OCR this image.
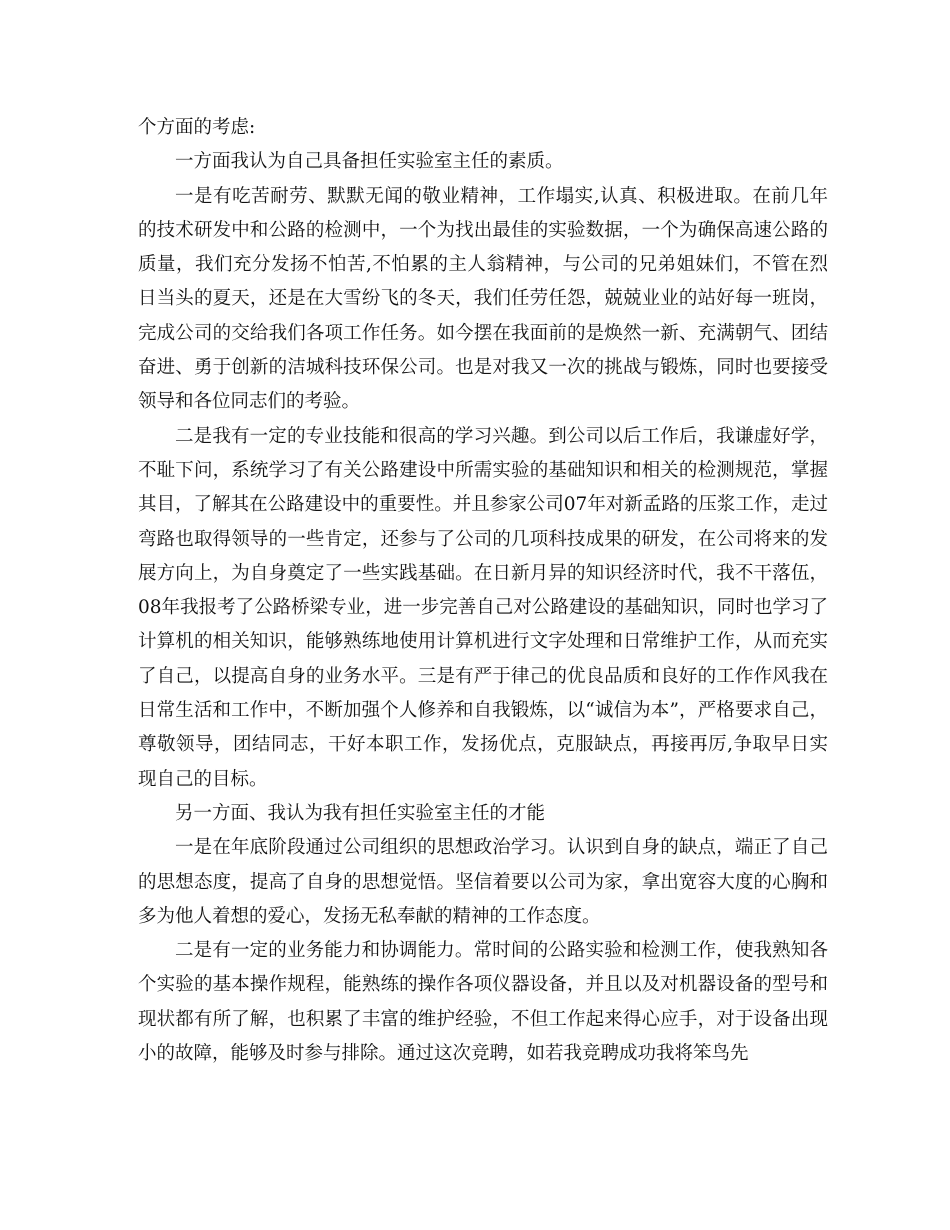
个方面的考虑:

一方面我认为自己具备担任实验室主任的素质。

一是有吃苦耐劳、默默无闻的敬业精神，工作塌实,认真、积极进取。在前几年的技术研发中和公路的检测中，一个为找出最佳的实验数据，一个为确保高速公路的质量，我们充分发扬不怕苦,不怕累的主人翁精神，与公司的兄弟姐妹们，不管在烈日当头的夏天，还是在大雪纷飞的冬天，我们任劳任怨，兢兢业业的站好每一班岗，完成公司的交给我们各项工作任务。如今摆在我面前的是焕然一新、充满朝气、团结奋进、勇于创新的洁城科技环保公司。也是对我又一次的挑战与锻炼，同时也要接受领导和各位同志们的考验。

二是我有一定的专业技能和很高的学习兴趣。到公司以后工作后，我谦虚好学，不耻下问，系统学习了有关公路建设中所需实验的基础知识和相关的检测规范，掌握其目，了解其在公路建设中的重要性。并且参家公司07年对新孟路的压浆工作，走过弯路也取得领导的一些肯定，还参与了公司的几项科技成果的研发，在公司将来的发展方向上，为自身奠定了一些实践基础。在日新月异的知识经济时代，我不干落伍，08年我报考了公路桥梁专业，进一步完善自己对公路建设的基础知识，同时也学习了计算机的相关知识，能够熟练地使用计算机进行文字处理和日常维护工作，从而充实了自己，以提高自身的业务水平。三是有严于律己的优良品质和良好的工作作风我在日常生活和工作中，不断加强个人修养和自我锻炼，以“诚信为本”，严格要求自己，尊敬领导，团结同志，干好本职工作，发扬优点，克服缺点，再接再厉,争取早日实现自己的目标。

另一方面、我认为我有担任实验室主任的才能

一是在年底阶段通过公司组织的思想政治学习。认识到自身的缺点，端正了自己的思想态度，提高了自身的思想觉悟。坚信着要以公司为家，拿出宽容大度的心胸和多为他人着想的爱心，发扬无私奉献的精神的工作态度。

二是有一定的业务能力和协调能力。常时间的公路实验和检测工作，使我熟知各个实验的基本操作规程，能熟练的操作各项仪器设备，并且以及对机器设备的型号和现状都有所了解，也积累了丰富的维护经验，不但工作起来得心应手，对于设备出现小的故障，能够及时参与排除。通过这次竞聘，如若我竞聘成功我将笨鸟先
